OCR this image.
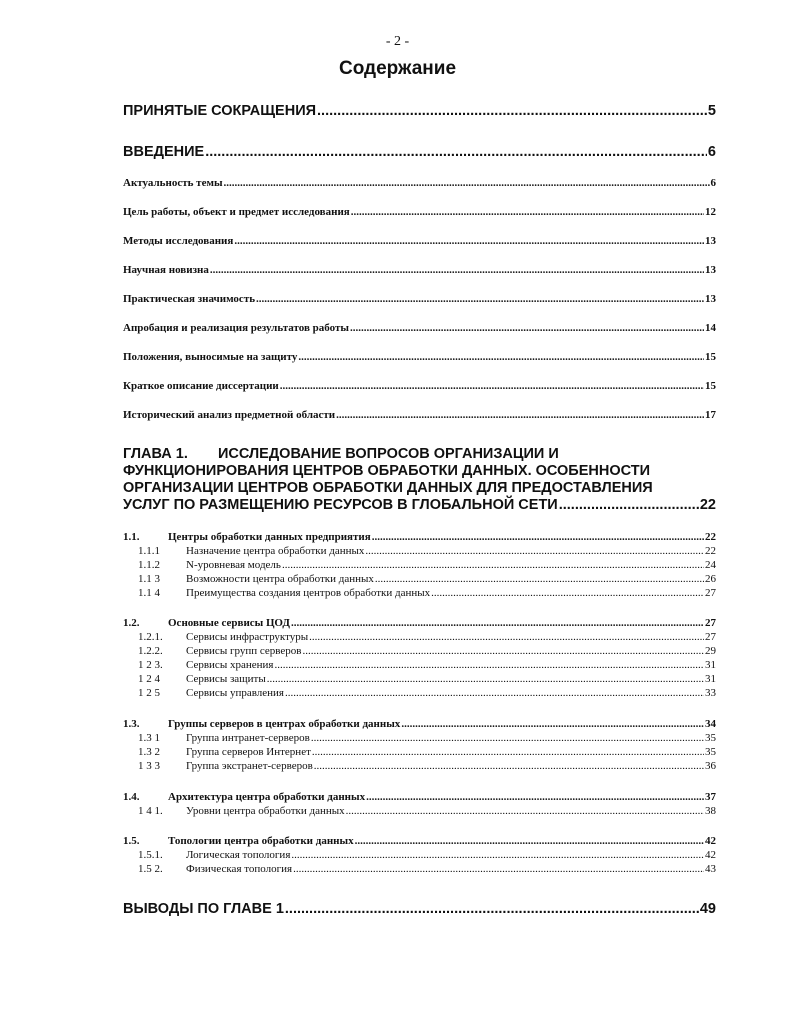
- 2 -
Содержание
ПРИНЯТЫЕ СОКРАЩЕНИЯ .....	5
ВВЕДЕНИЕ .....	6
Актуальность темы .....	6
Цель работы, объект и предмет исследования .....	12
Методы исследования .....	13
Научная новизна .....	13
Практическая значимость .....	13
Апробация и реализация результатов работы .....	14
Положения, выносимые на защиту .....	15
Краткое описание диссертации .....	15
Исторический анализ предметной области .....	17
ГЛАВА 1. ИССЛЕДОВАНИЕ ВОПРОСОВ ОРГАНИЗАЦИИ И
ФУНКЦИОНИРОВАНИЯ ЦЕНТРОВ ОБРАБОТКИ ДАННЫХ. ОСОБЕННОСТИ
ОРГАНИЗАЦИИ ЦЕНТРОВ ОБРАБОТКИ ДАННЫХ ДЛЯ ПРЕДОСТАВЛЕНИЯ
УСЛУГ ПО РАЗМЕЩЕНИЮ РЕСУРСОВ В ГЛОБАЛЬНОЙ СЕТИ .....	22
1.1.	Центры обработки данных предприятия .....	22
1.1.1 Назначение центра обработки данных .....	22
1.1.2 N-уровневая модель .....	24
1.1 3 Возможности центра обработки данных .....	26
1.1 4 Преимущества создания центров обработки данных .....	27
1.2.	Основные сервисы ЦОД .....	27
1.2.1. Сервисы инфраструктуры .....	27
1.2.2. Сервисы групп серверов .....	29
1 2 3. Сервисы хранения .....	31
1 2 4 Сервисы защиты .....	31
1 2 5 Сервисы управления .....	33
1.3.	Группы серверов в центрах обработки данных .....	34
1.3 1 Группа интранет-серверов .....	35
1.3 2 Группа серверов Интернет .....	35
1 3 3 Группа экстранет-серверов .....	36
1.4.	Архитектура центра обработки данных .....	37
1 4 1. Уровни центра обработки данных .....	38
1.5.	Топологии центра обработки данных .....	42
1.5.1. Логическая топология .....	42
1.5 2. Физическая топология .....	43
ВЫВОДЫ ПО ГЛАВЕ 1 .....	49
